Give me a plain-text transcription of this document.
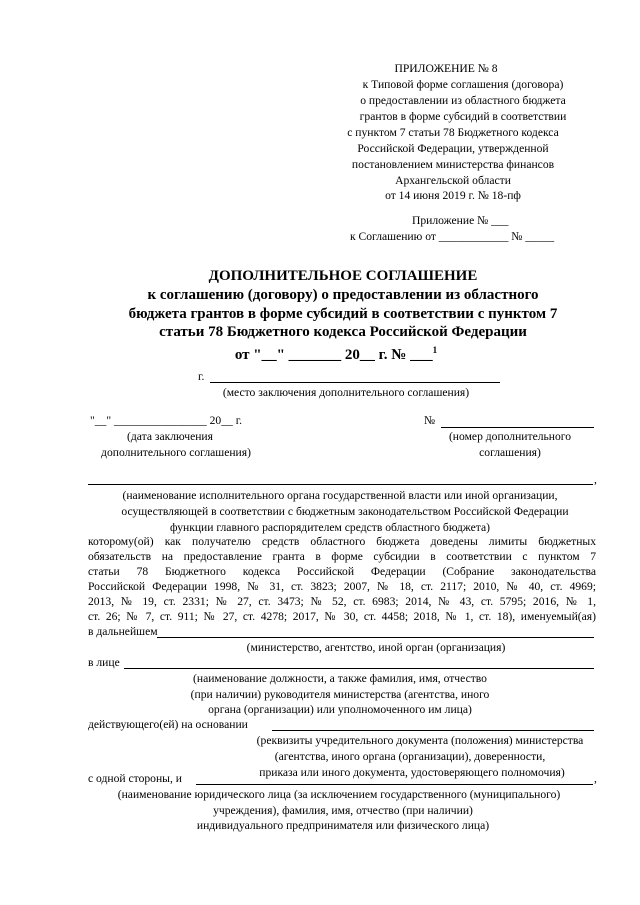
ПРИЛОЖЕНИЕ № 8
к Типовой форме соглашения (договора)
о предоставлении из областного бюджета
грантов в форме субсидий в соответствии
с пунктом 7 статьи 78 Бюджетного кодекса
Российской Федерации, утвержденной
постановлением министерства финансов
Архангельской области
от 14 июня 2019 г. № 18-пф
Приложение № ___
к Соглашению от ____________ № _____
ДОПОЛНИТЕЛЬНОЕ СОГЛАШЕНИЕ
к соглашению (договору) о предоставлении из областного
бюджета грантов в форме субсидий в соответствии с пунктом 7
статьи 78 Бюджетного кодекса Российской Федерации
от "__" _______ 20__ г. № ___$^1$
г.
(место заключения дополнительного соглашения)
"__" ________________ 20__ г.
(дата заключения
дополнительного соглашения)
№
(номер дополнительного
соглашения)
,
(наименование исполнительного органа государственной власти или иной организации,
осуществляющей в соответствии с бюджетным законодательством Российской Федерации
функции главного распорядителем средств областного бюджета)
которому(ой) как получателю средств областного бюджета доведены лимиты бюджетных
обязательств на предоставление гранта в форме субсидии в соответствии с пунктом 7
статьи 78 Бюджетного кодекса Российской Федерации (Собрание законодательства
Российской Федерации 1998, № 31, ст. 3823; 2007, № 18, ст. 2117; 2010, № 40, ст. 4969;
2013, № 19, ст. 2331; № 27, ст. 3473; № 52, ст. 6983; 2014, № 43, ст. 5795; 2016, № 1,
ст. 26; № 7, ст. 911; № 27, ст. 4278; 2017, № 30, ст. 4458; 2018, № 1, ст. 18), именуемый(ая)
в дальнейшем
(министерство, агентство, иной орган (организация)
в лице
(наименование должности, а также фамилия, имя, отчество
(при наличии) руководителя министерства (агентства, иного
органа (организации) или уполномоченного им лица)
действующего(ей) на основании
(реквизиты учредительного документа (положения) министерства
(агентства, иного органа (организации), доверенности,
приказа или иного документа, удостоверяющего полномочия)
с одной стороны, и	,
(наименование юридического лица (за исключением государственного (муниципального)
учреждения), фамилия, имя, отчество (при наличии)
индивидуального предпринимателя или физического лица)
